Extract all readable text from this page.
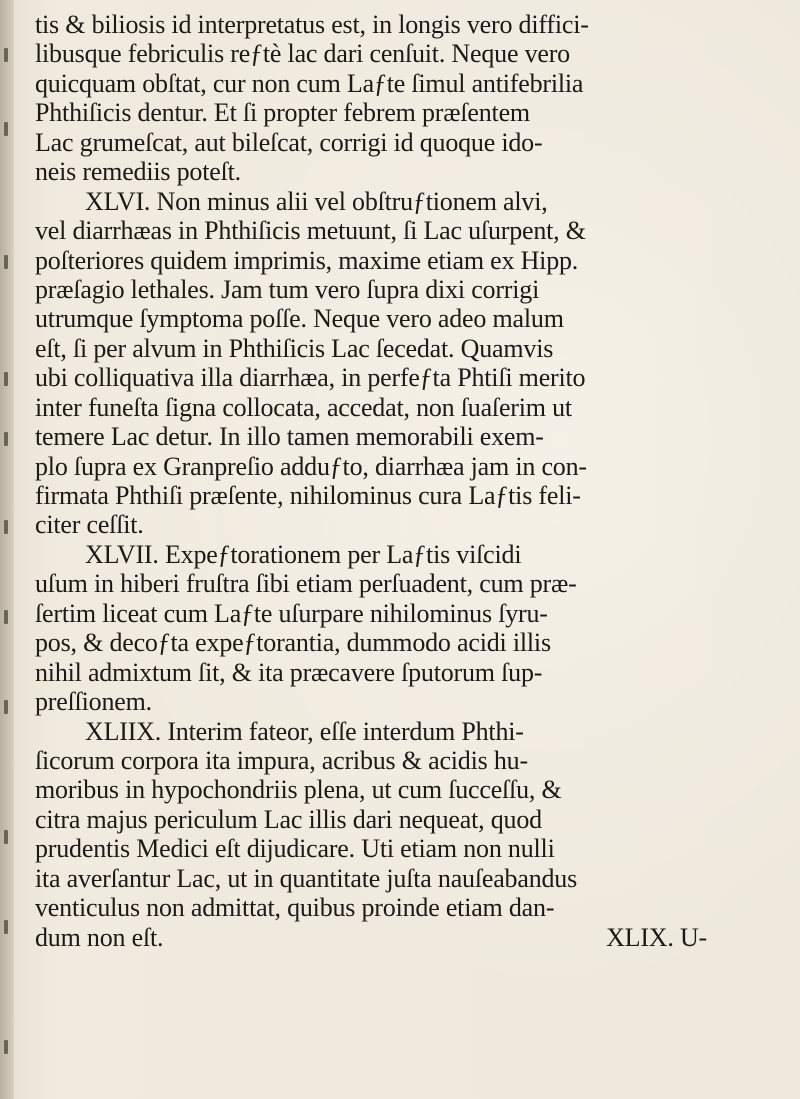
tis & biliosis id interpretatus est, in longis vero diffici-
libusque febriculis reƒtè lac dari cenſuit. Neque vero
quicquam obſtat, cur non cum Laƒte ſimul antifebrilia
Phthiſicis dentur. Et ſi propter febrem præſentem
Lac grumeſcat, aut bileſcat, corrigi id quoque ido-
neis remediis poteſt.
XLVI. Non minus alii vel obſtruƒtionem alvi,
vel diarrhæas in Phthiſicis metuunt, ſi Lac uſurpent, &
poſteriores quidem imprimis, maxime etiam ex Hipp.
præſagio lethales. Jam tum vero ſupra dixi corrigi
utrumque ſymptoma poſſe. Neque vero adeo malum
eſt, ſi per alvum in Phthiſicis Lac ſecedat. Quamvis
ubi colliquativa illa diarrhæa, in perfeƒta Phtiſi merito
inter funeſta ſigna collocata, accedat, non ſuaſerim ut
temere Lac detur. In illo tamen memorabili exem-
plo ſupra ex Granpreſio adduƒto, diarrhæa jam in con-
firmata Phthiſi præſente, nihilominus cura Laƒtis feli-
citer ceſſit.
XLVII. Expeƒtorationem per Laƒtis viſcidi
uſum in hiberi fruſtra ſibi etiam perſuadent, cum præ-
ſertim liceat cum Laƒte uſurpare nihilominus ſyru-
pos, & decoƒta expeƒtorantia, dummodo acidi illis
nihil admixtum ſit, & ita præcavere ſputorum ſup-
preſſionem.
XLIIX. Interim fateor, eſſe interdum Phthi-
ſicorum corpora ita impura, acribus & acidis hu-
moribus in hypochondriis plena, ut cum ſucceſſu, &
citra majus periculum Lac illis dari nequeat, quod
prudentis Medici eſt dijudicare. Uti etiam non nulli
ita averſantur Lac, ut in quantitate juſta nauſeabandus
venticulus non admittat, quibus proinde etiam dan-
dum non eſt.	XLIX. U-
